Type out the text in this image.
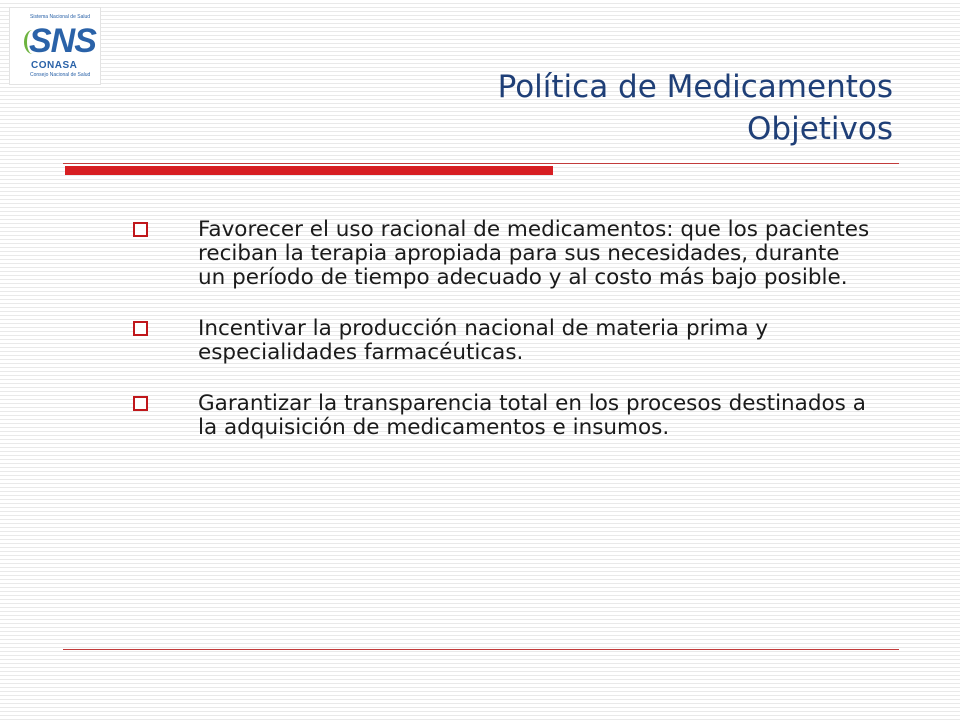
Sistema Nacional de Salud
SNS
CONASA
Consejo Nacional de Salud	Política de Medicamentos
Objetivos
Favorecer el uso racional de medicamentos: que los pacientes reciban la terapia apropiada para sus necesidades, durante un período de tiempo adecuado y al costo más bajo posible.
Incentivar la producción nacional de materia prima y especialidades farmacéuticas.
Garantizar la transparencia total en los procesos destinados a la adquisición de medicamentos e insumos.
